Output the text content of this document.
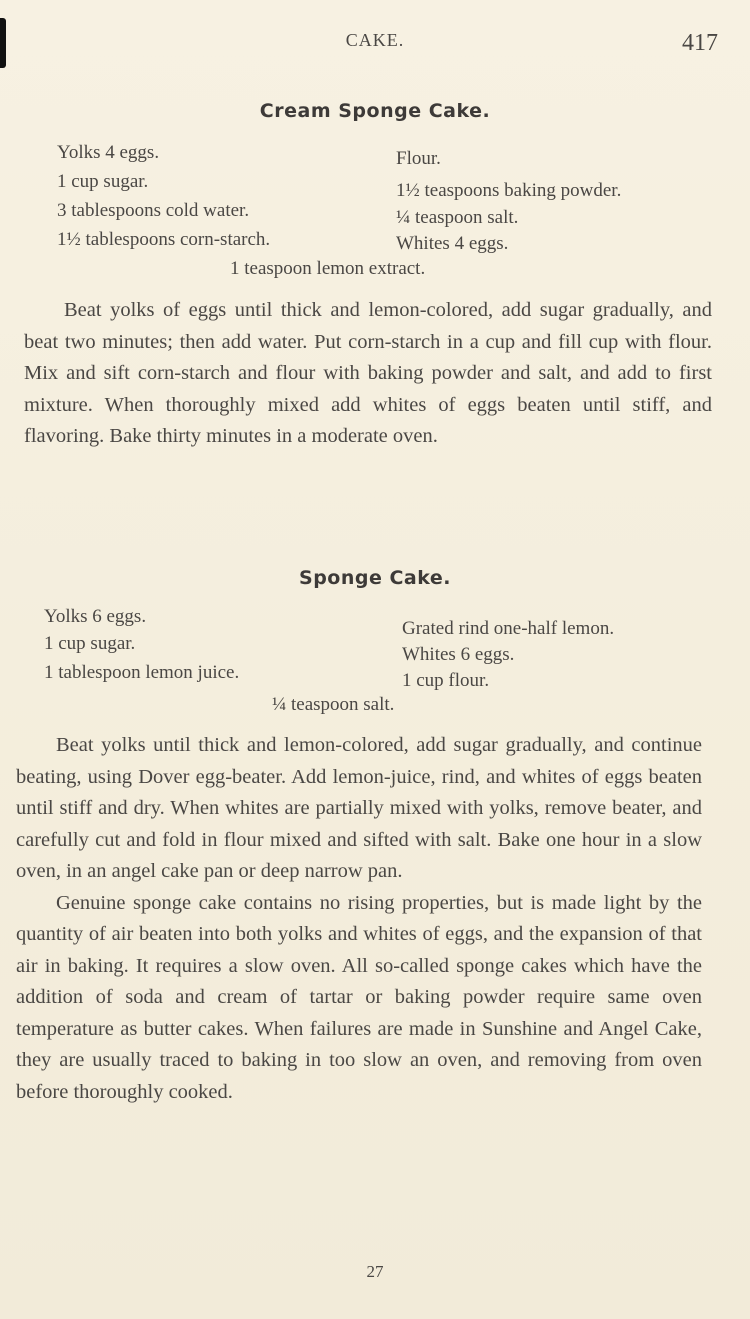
CAKE.	417
Cream Sponge Cake.
Yolks 4 eggs.
1 cup sugar.
3 tablespoons cold water.
1½ tablespoons corn-starch.
Flour.
1½ teaspoons baking powder.
¼ teaspoon salt.
Whites 4 eggs.
1 teaspoon lemon extract.

Beat yolks of eggs until thick and lemon-colored, add sugar gradually, and beat two minutes; then add water. Put corn-starch in a cup and fill cup with flour. Mix and sift corn-starch and flour with baking powder and salt, and add to first mixture. When thoroughly mixed add whites of eggs beaten until stiff, and flavoring. Bake thirty minutes in a moderate oven.

Sponge Cake.
Yolks 6 eggs.
1 cup sugar.
1 tablespoon lemon juice.
Grated rind one-half lemon.
Whites 6 eggs.
1 cup flour.
¼ teaspoon salt.

Beat yolks until thick and lemon-colored, add sugar gradually, and continue beating, using Dover egg-beater. Add lemon-juice, rind, and whites of eggs beaten until stiff and dry. When whites are partially mixed with yolks, remove beater, and carefully cut and fold in flour mixed and sifted with salt. Bake one hour in a slow oven, in an angel cake pan or deep narrow pan.

Genuine sponge cake contains no rising properties, but is made light by the quantity of air beaten into both yolks and whites of eggs, and the expansion of that air in baking. It requires a slow oven. All so-called sponge cakes which have the addition of soda and cream of tartar or baking powder require same oven temperature as butter cakes. When failures are made in Sunshine and Angel Cake, they are usually traced to baking in too slow an oven, and removing from oven before thoroughly cooked.

27
